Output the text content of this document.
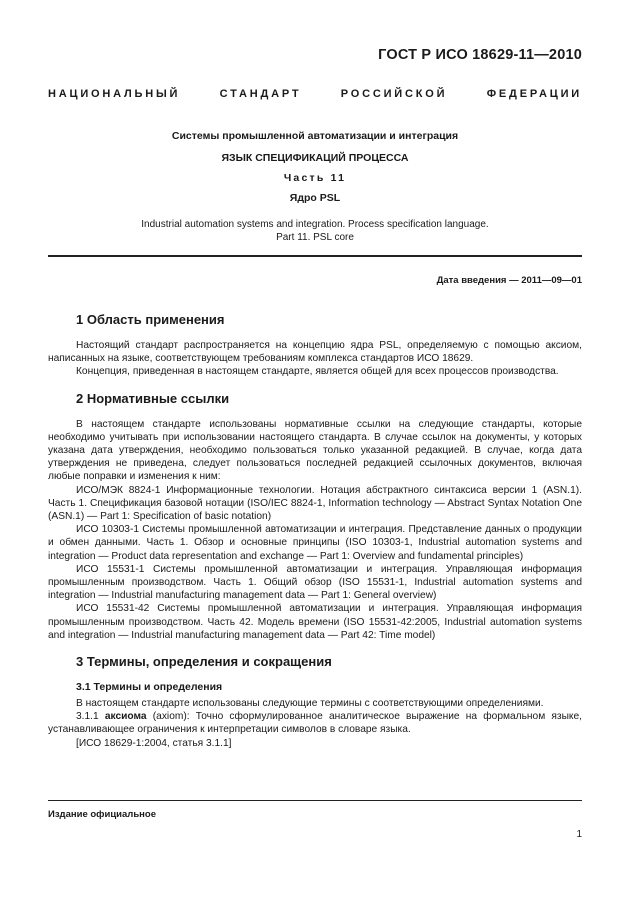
ГОСТ Р ИСО 18629-11—2010
НАЦИОНАЛЬНЫЙ СТАНДАРТ РОССИЙСКОЙ ФЕДЕРАЦИИ
Системы промышленной автоматизации и интеграция
ЯЗЫК СПЕЦИФИКАЦИЙ ПРОЦЕССА
Часть 11
Ядро PSL
Industrial automation systems and integration. Process specification language.
Part 11. PSL core
Дата введения — 2011—09—01
1 Область применения

Настоящий стандарт распространяется на концепцию ядра PSL, определяемую с помощью аксиом, написанных на языке, соответствующем требованиям комплекса стандартов ИСО 18629.

Концепция, приведенная в настоящем стандарте, является общей для всех процессов производства.

2 Нормативные ссылки

В настоящем стандарте использованы нормативные ссылки на следующие стандарты, которые необходимо учитывать при использовании настоящего стандарта. В случае ссылок на документы, у которых указана дата утверждения, необходимо пользоваться только указанной редакцией. В случае, когда дата утверждения не приведена, следует пользоваться последней редакцией ссылочных документов, включая любые поправки и изменения к ним:

ИСО/МЭК 8824-1 Информационные технологии. Нотация абстрактного синтаксиса версии 1 (ASN.1). Часть 1. Спецификация базовой нотации (ISO/IEC 8824-1, Information technology — Abstract Syntax Notation One (ASN.1) — Part 1: Specification of basic notation)

ИСО 10303-1 Системы промышленной автоматизации и интеграция. Представление данных о продукции и обмен данными. Часть 1. Обзор и основные принципы (ISO 10303-1, Industrial automation systems and integration — Product data representation and exchange — Part 1: Overview and fundamental principles)

ИСО 15531-1 Системы промышленной автоматизации и интеграция. Управляющая информация промышленным производством. Часть 1. Общий обзор (ISO 15531-1, Industrial automation systems and integration — Industrial manufacturing management data — Part 1: General overview)

ИСО 15531-42 Системы промышленной автоматизации и интеграция. Управляющая информация промышленным производством. Часть 42. Модель времени (ISO 15531-42:2005, Industrial automation systems and integration — Industrial manufacturing management data — Part 42: Time model)

3 Термины, определения и сокращения
3.1 Термины и определения

В настоящем стандарте использованы следующие термины с соответствующими определениями.

3.1.1 аксиома (axiom): Точно сформулированное аналитическое выражение на формальном языке, устанавливающее ограничения к интерпретации символов в словаре языка.

[ИСО 18629-1:2004, статья 3.1.1]

Издание официальное
1
